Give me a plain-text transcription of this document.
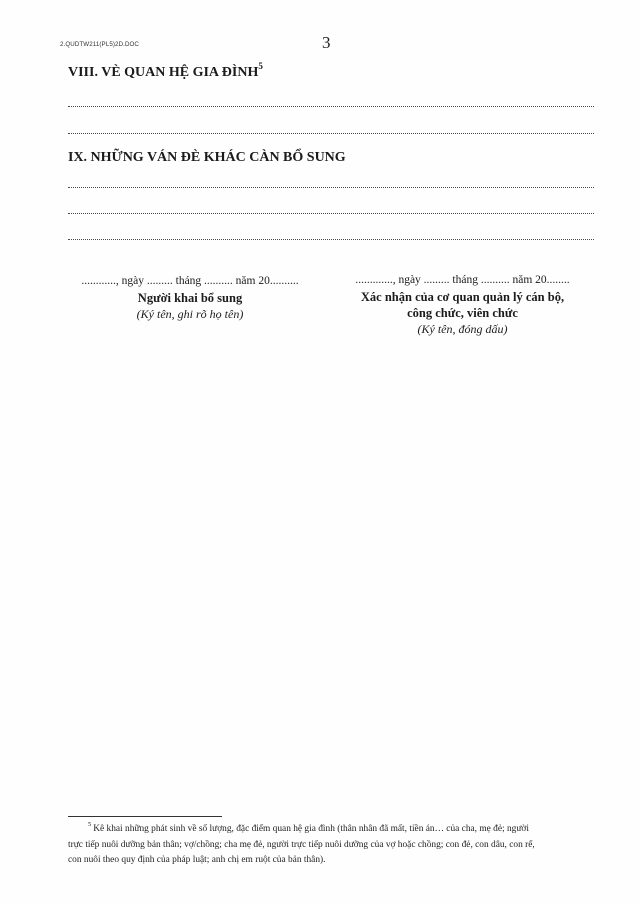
2.QUDTW211(PL5)2D.DOC	3
VIII. VÈ QUAN HỆ GIA ĐÌNH$^5$
IX. NHỮNG VÁN ĐÈ KHÁC CÀN BỔ SUNG
............, ngày ......... tháng .......... năm 20..........
Người khai bổ sung
(Ký tên, ghi rõ họ tên)
............., ngày ......... tháng .......... năm 20........
Xác nhận của cơ quan quản lý cán bộ,
công chức, viên chức
(Ký tên, đóng dấu)
$^5$ Kê khai những phát sinh về số lượng, đặc điểm quan hệ gia đình (thân nhân đã mất, tiền án… của cha, mẹ đẻ; người
trực tiếp nuôi dưỡng bản thân; vợ/chồng; cha mẹ đẻ, người trực tiếp nuôi dưỡng của vợ hoặc chồng; con đẻ, con dâu, con rể,
con nuôi theo quy định của pháp luật; anh chị em ruột của bản thân).
